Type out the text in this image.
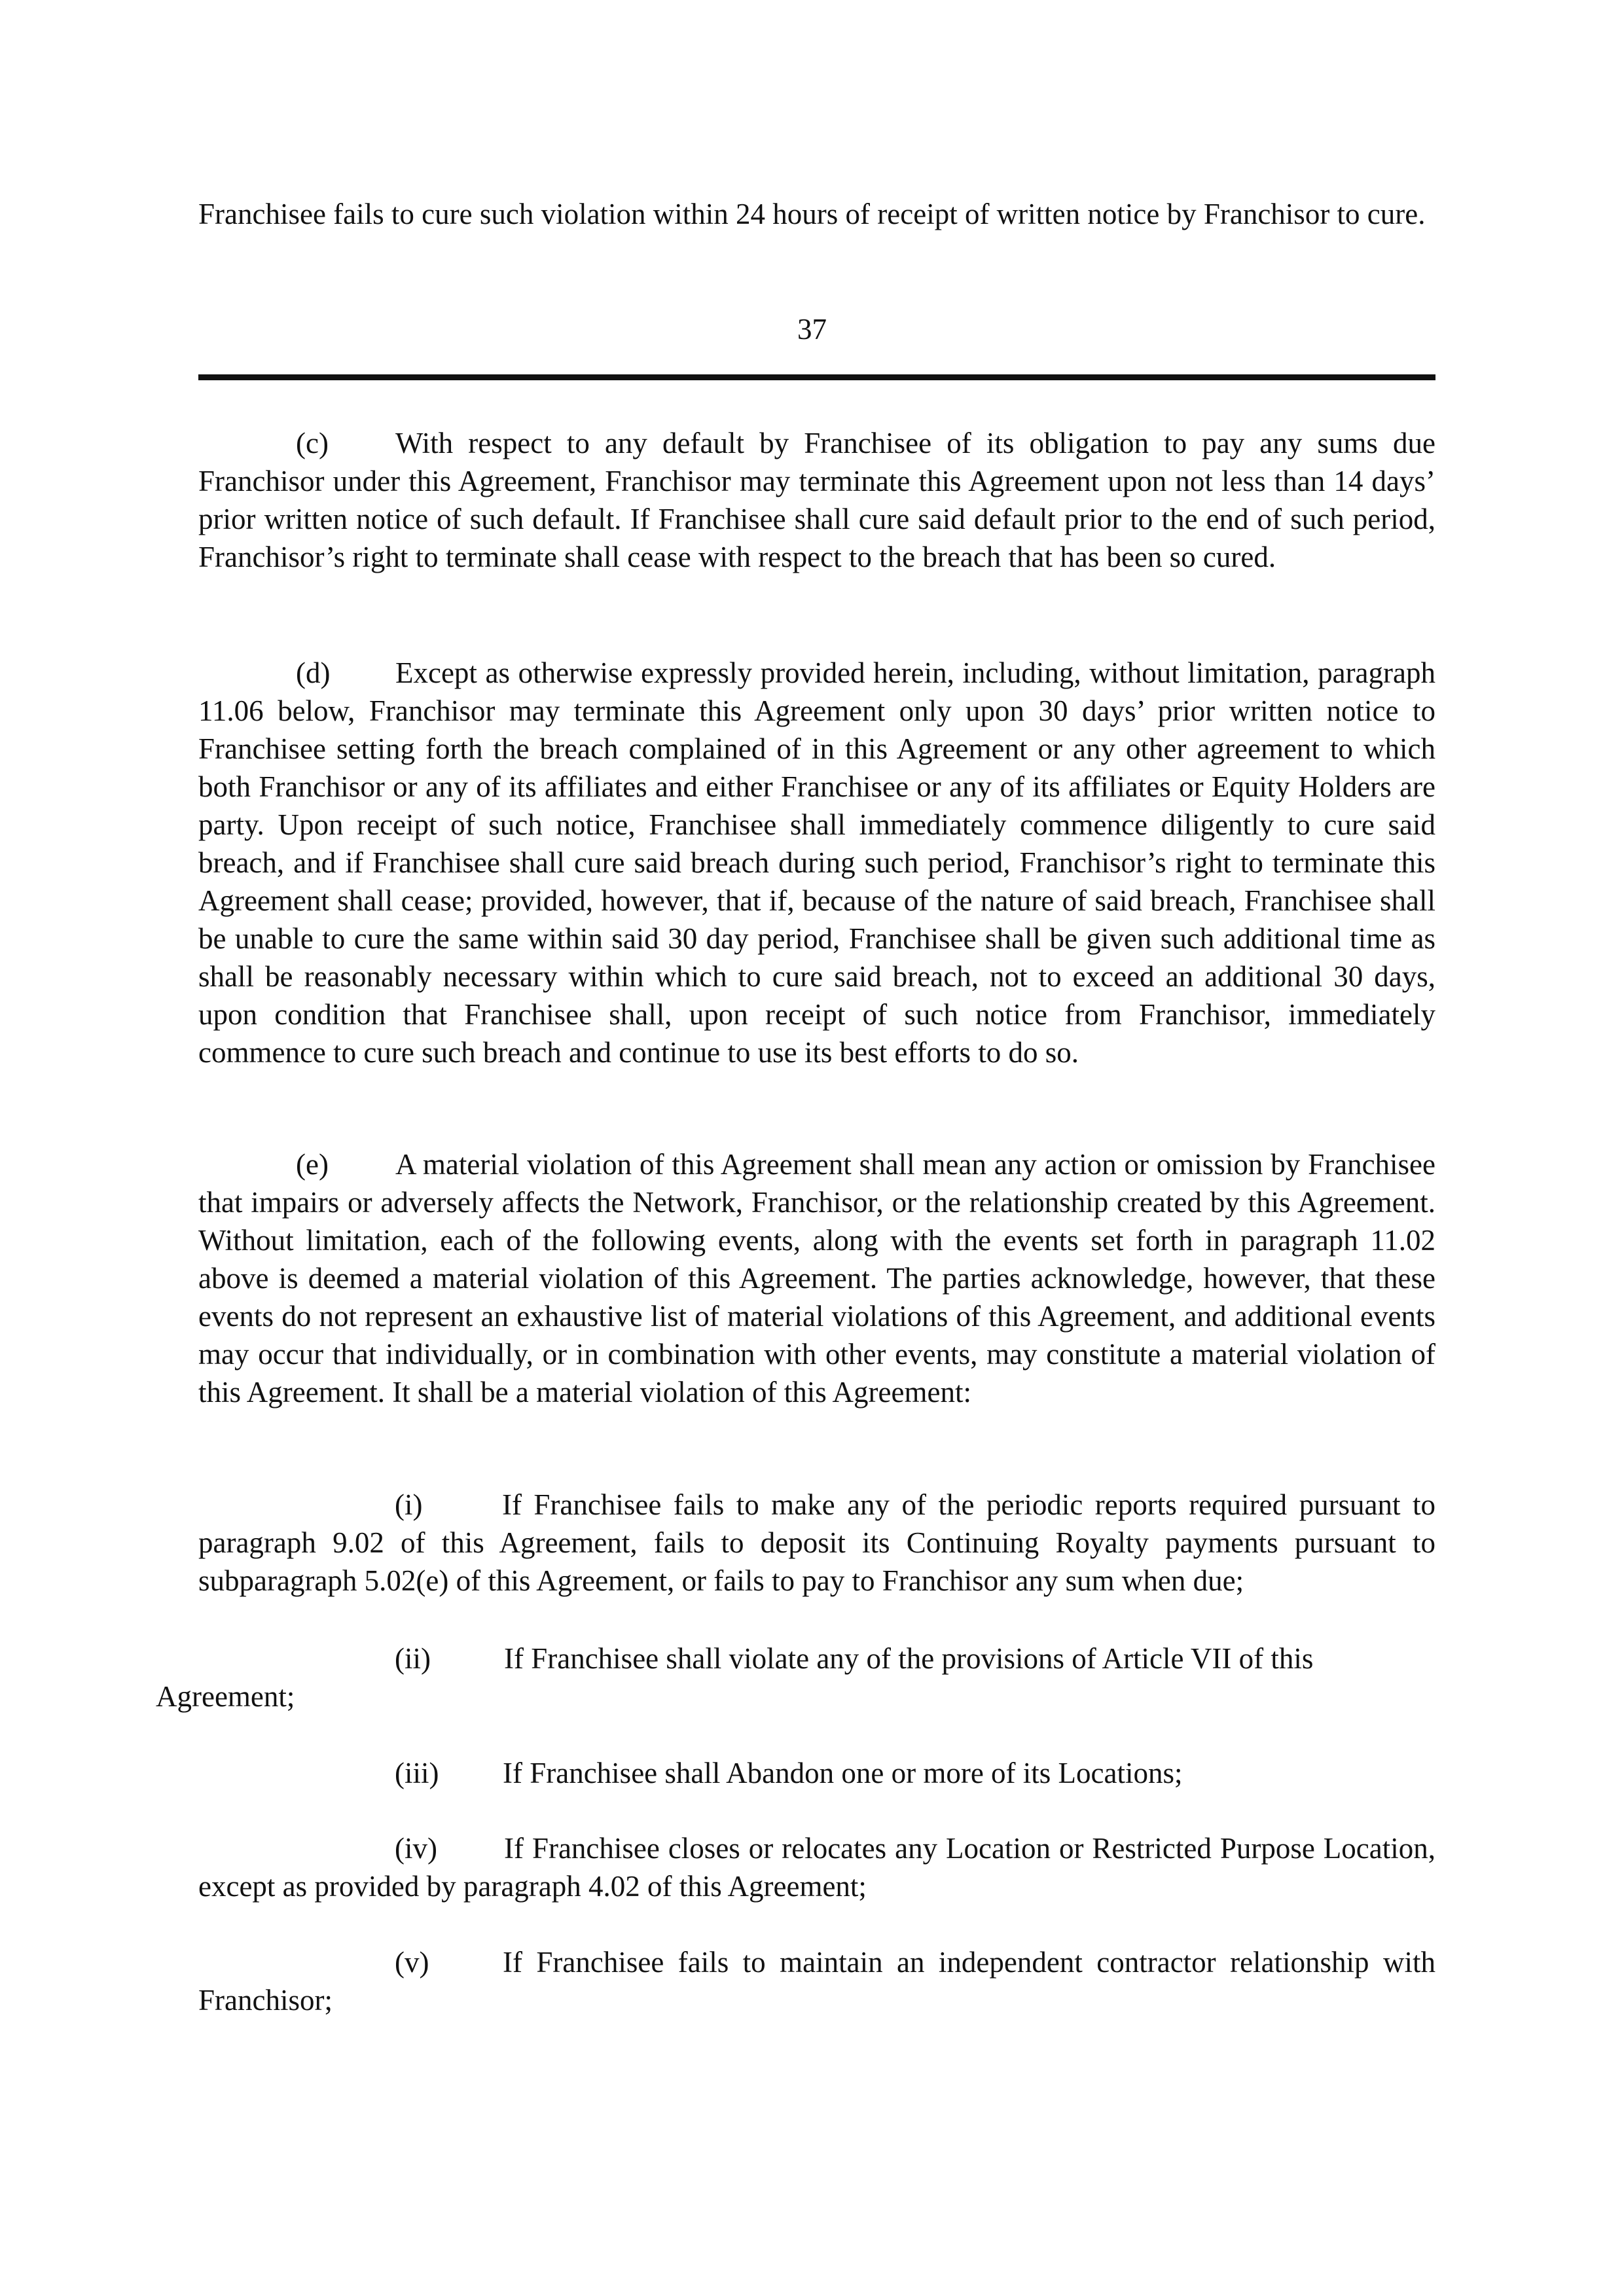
Franchisee fails to cure such violation within 24 hours of receipt of written notice by Franchisor to cure.

37

(c) With respect to any default by Franchisee of its obligation to pay any sums due Franchisor under this Agreement, Franchisor may terminate this Agreement upon not less than 14 days’ prior written notice of such default. If Franchisee shall cure said default prior to the end of such period, Franchisor’s right to terminate shall cease with respect to the breach that has been so cured.

(d) Except as otherwise expressly provided herein, including, without limitation, paragraph 11.06 below, Franchisor may terminate this Agreement only upon 30 days’ prior written notice to Franchisee setting forth the breach complained of in this Agreement or any other agreement to which both Franchisor or any of its affiliates and either Franchisee or any of its affiliates or Equity Holders are party. Upon receipt of such notice, Franchisee shall immediately commence diligently to cure said breach, and if Franchisee shall cure said breach during such period, Franchisor’s right to terminate this Agreement shall cease; provided, however, that if, because of the nature of said breach, Franchisee shall be unable to cure the same within said 30 day period, Franchisee shall be given such additional time as shall be reasonably necessary within which to cure said breach, not to exceed an additional 30 days, upon condition that Franchisee shall, upon receipt of such notice from Franchisor, immediately commence to cure such breach and continue to use its best efforts to do so.

(e) A material violation of this Agreement shall mean any action or omission by Franchisee that impairs or adversely affects the Network, Franchisor, or the relationship created by this Agreement. Without limitation, each of the following events, along with the events set forth in paragraph 11.02 above is deemed a material violation of this Agreement. The parties acknowledge, however, that these events do not represent an exhaustive list of material violations of this Agreement, and additional events may occur that individually, or in combination with other events, may constitute a material violation of this Agreement. It shall be a material violation of this Agreement:

(i)	If Franchisee fails to make any of the periodic reports required pursuant to paragraph 9.02 of this Agreement, fails to deposit its Continuing Royalty payments pursuant to subparagraph 5.02(e) of this Agreement, or fails to pay to Franchisor any sum when due;

(ii) If Franchisee shall violate any of the provisions of Article VII of this

Agreement;

(iii) If Franchisee shall Abandon one or more of its Locations;

(iv) If Franchisee closes or relocates any Location or Restricted Purpose Location, except as provided by paragraph 4.02 of this Agreement;

(v)	If Franchisee fails to maintain an independent contractor relationship with Franchisor;
